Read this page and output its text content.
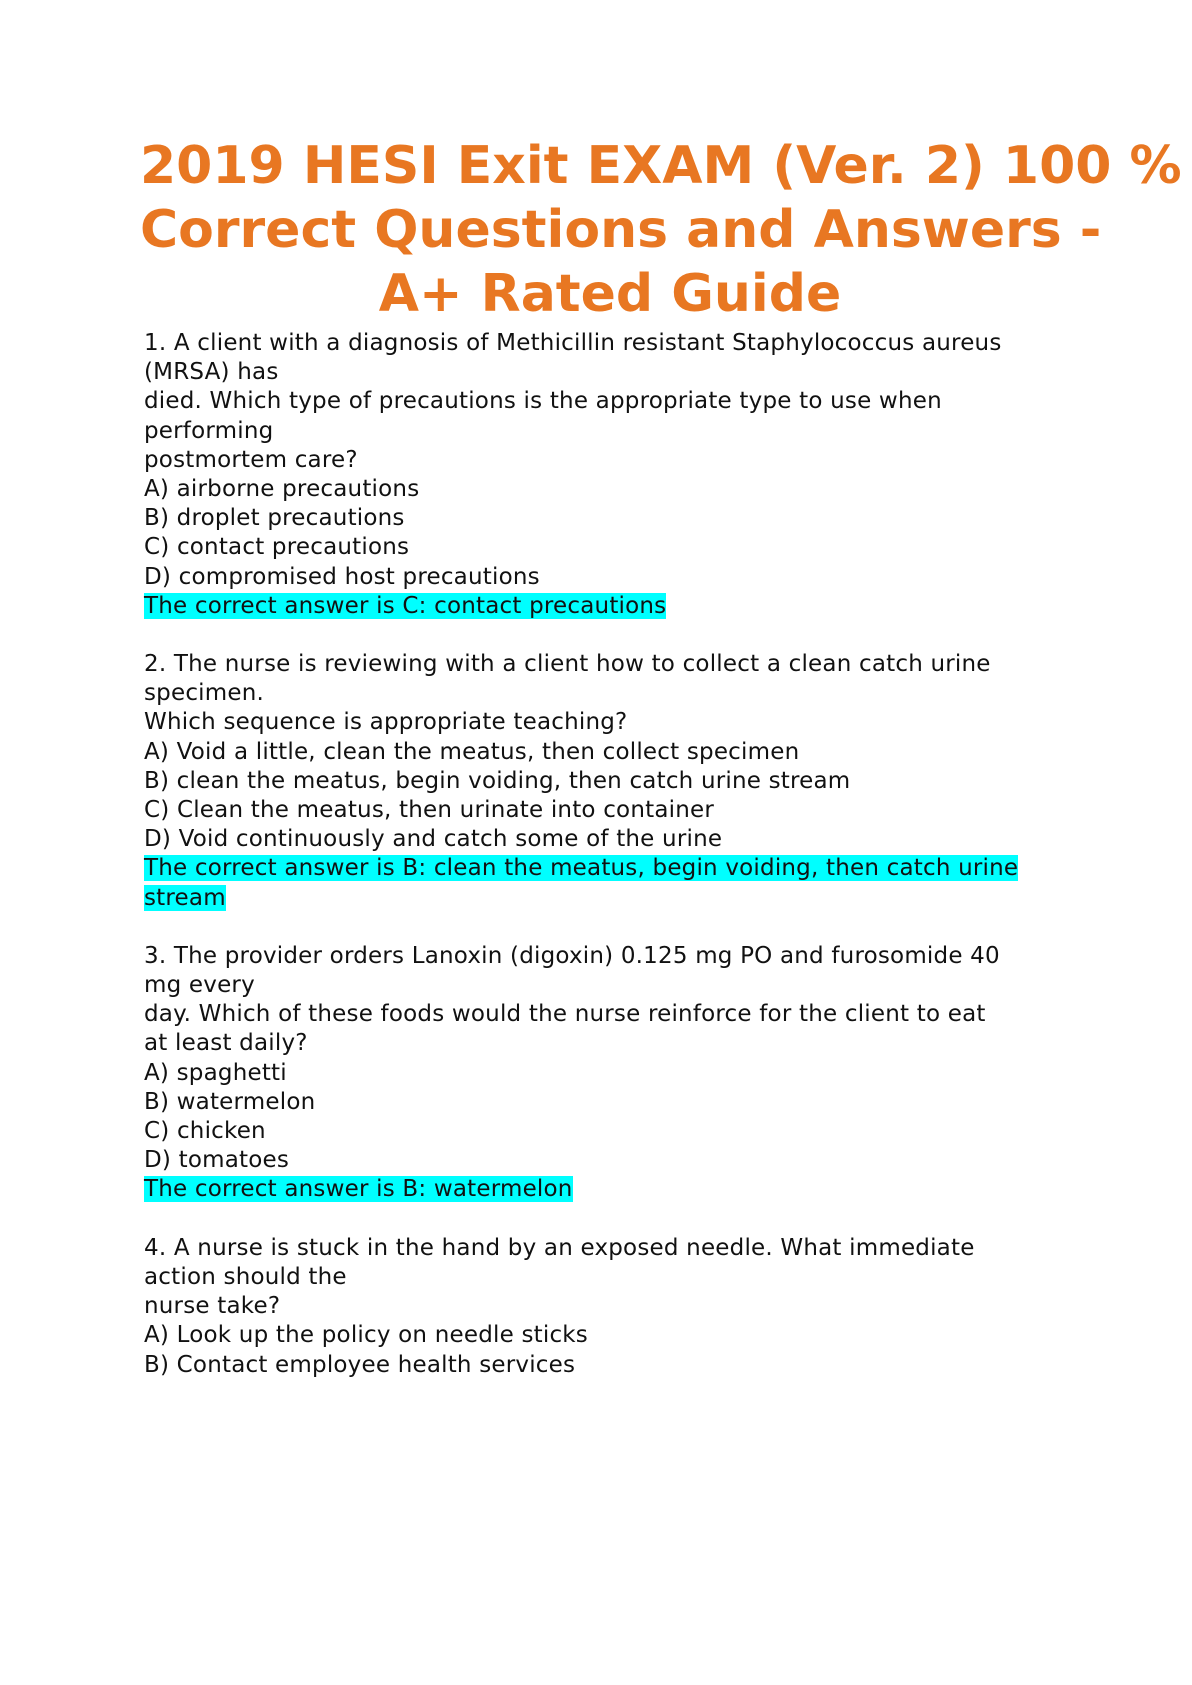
2019 HESI Exit EXAM (Ver. 2) 100 %
Correct Questions and Answers -
A+ Rated Guide
1. A client with a diagnosis of Methicillin resistant Staphylococcus aureus
(MRSA) has
died. Which type of precautions is the appropriate type to use when
performing
postmortem care?
A) airborne precautions
B) droplet precautions
C) contact precautions
D) compromised host precautions
The correct answer is C: contact precautions
2. The nurse is reviewing with a client how to collect a clean catch urine
specimen.
Which sequence is appropriate teaching?
A) Void a little, clean the meatus, then collect specimen
B) clean the meatus, begin voiding, then catch urine stream
C) Clean the meatus, then urinate into container
D) Void continuously and catch some of the urine
The correct answer is B: clean the meatus, begin voiding, then catch urine
stream
3. The provider orders Lanoxin (digoxin) 0.125 mg PO and furosomide 40
mg every
day. Which of these foods would the nurse reinforce for the client to eat
at least daily?
A) spaghetti
B) watermelon
C) chicken
D) tomatoes
The correct answer is B: watermelon
4. A nurse is stuck in the hand by an exposed needle. What immediate
action should the
nurse take?
A) Look up the policy on needle sticks
B) Contact employee health services
